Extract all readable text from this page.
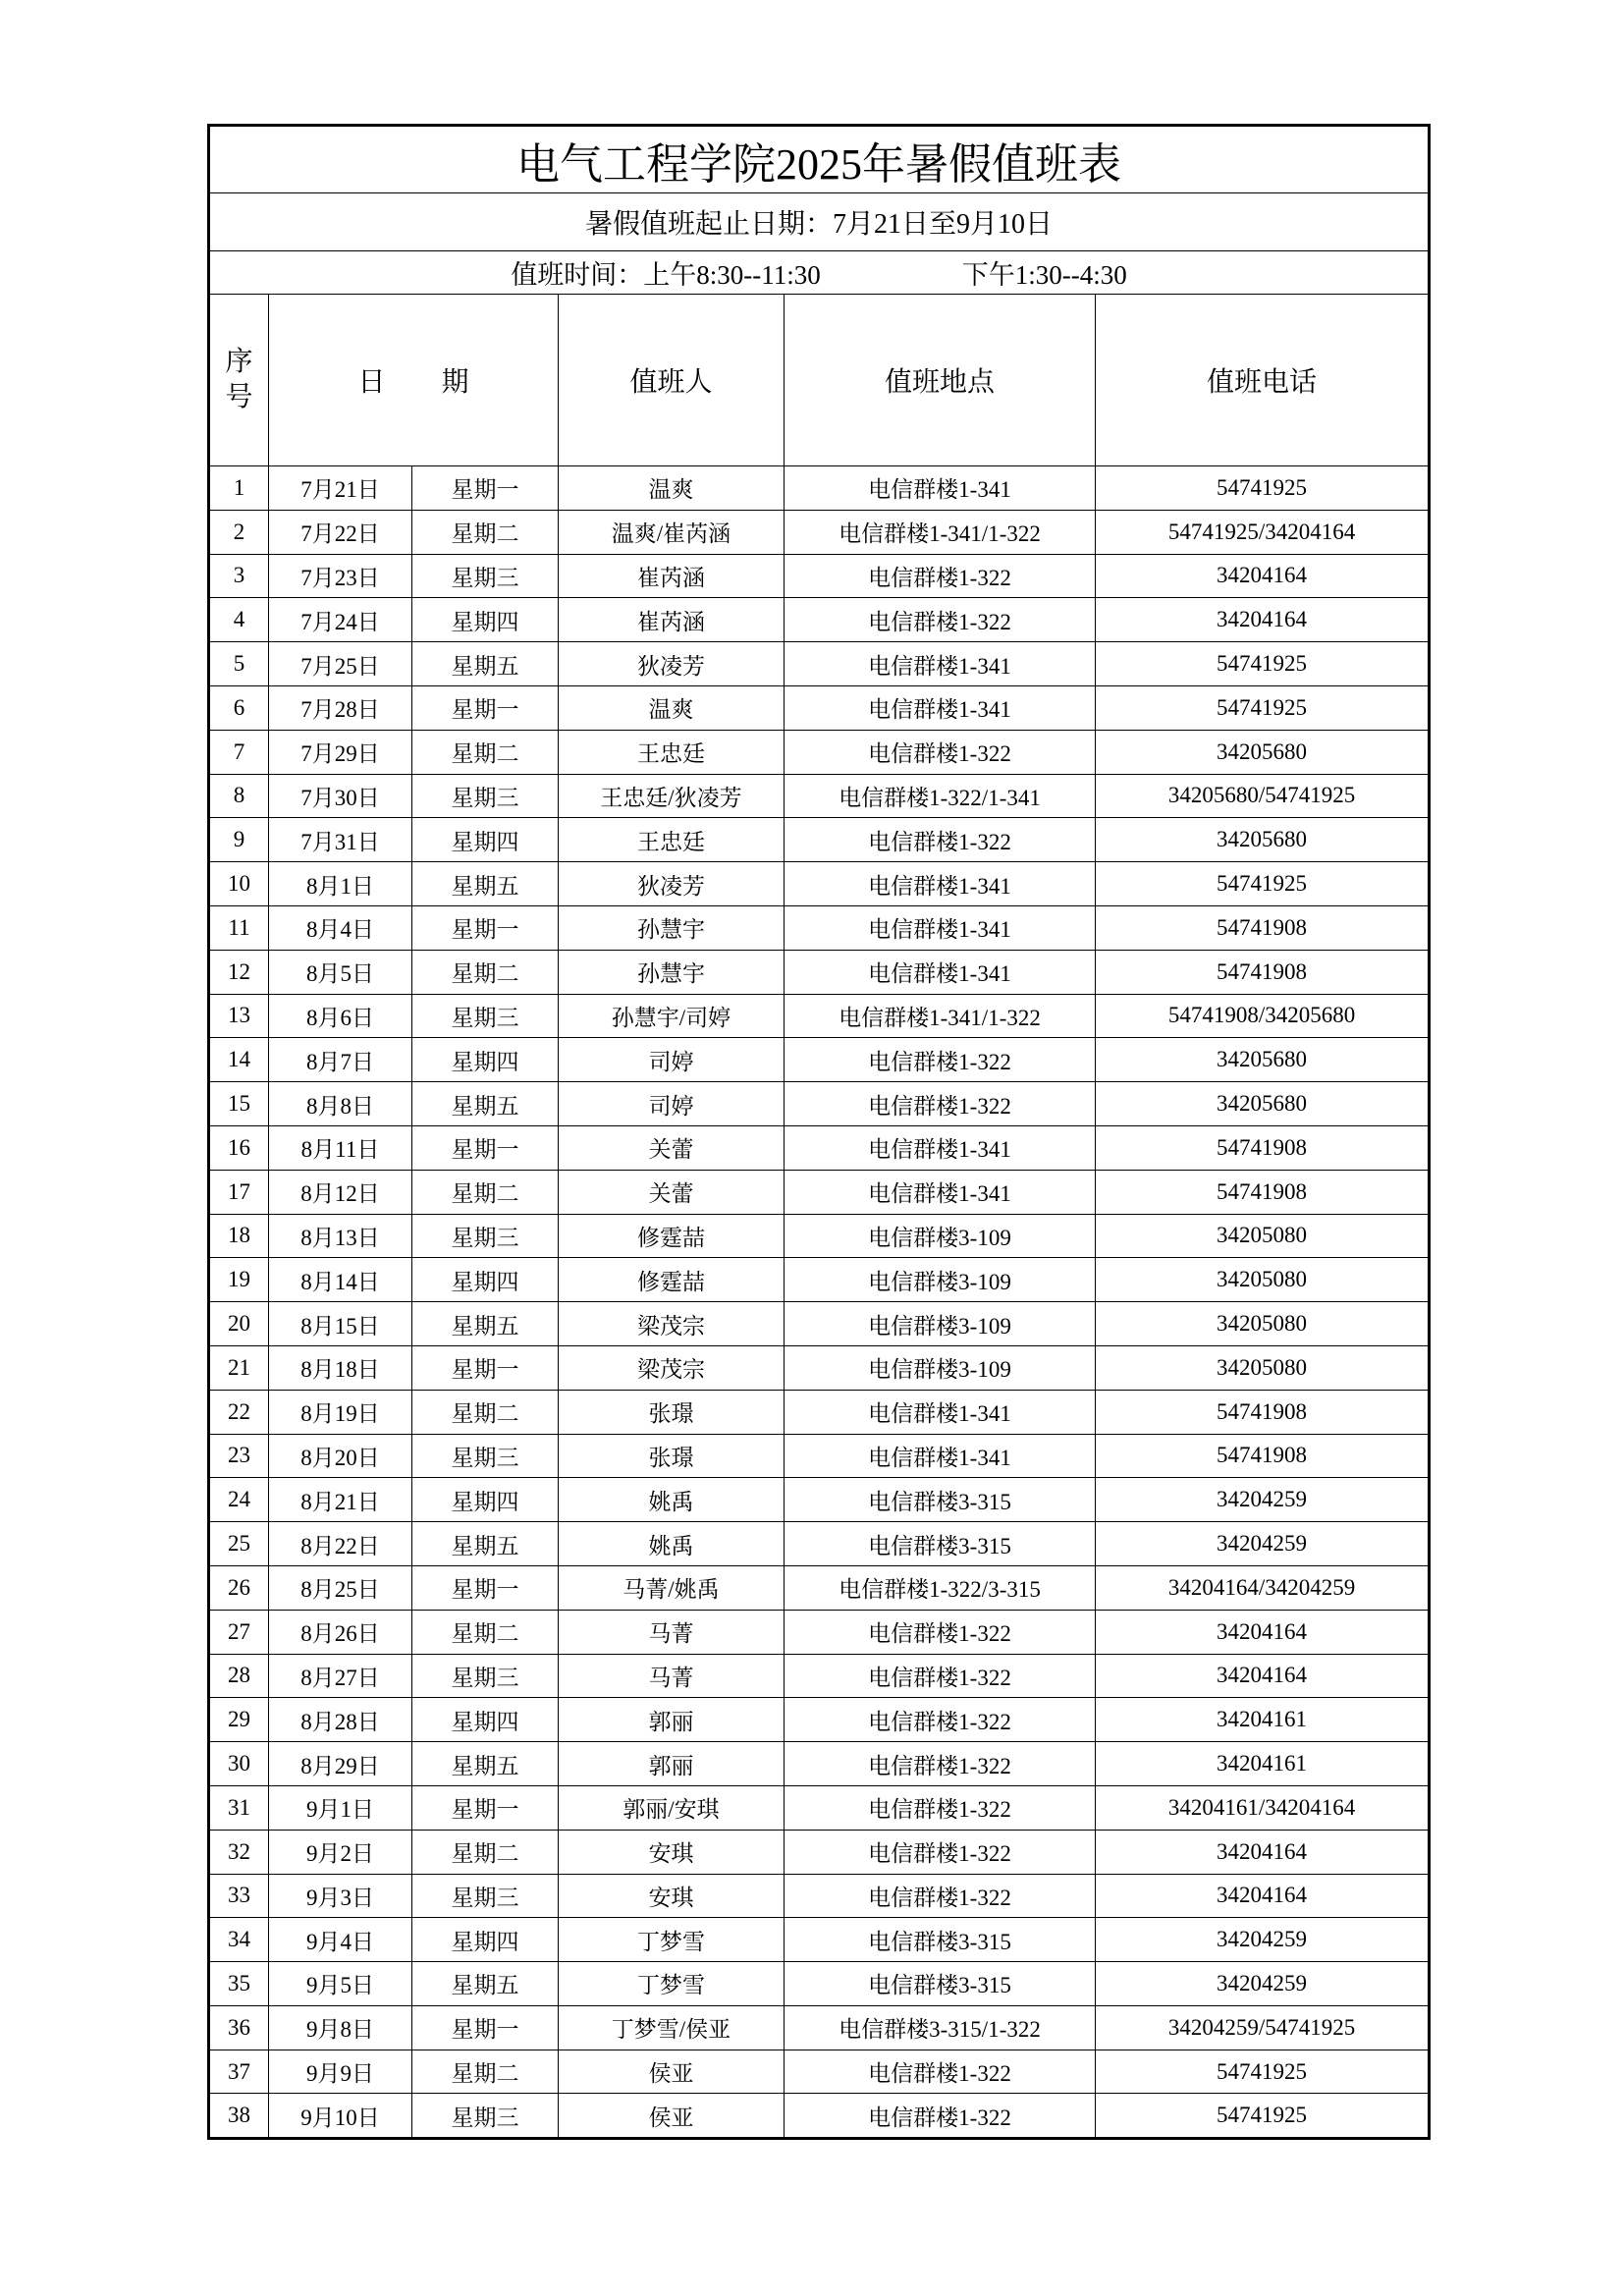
电气工程学院2025年暑假值班表					
暑假值班起止日期：7月21日至9月10日					
值班时间：上午8:30--11:30 下午1:30--4:30					
序号	日期		值班人	值班地点	值班电话
1	7月21日	星期一	温爽	电信群楼1-341	54741925
2	7月22日	星期二	温爽/崔芮涵	电信群楼1-341/1-322	54741925/34204164
3	7月23日	星期三	崔芮涵	电信群楼1-322	34204164
4	7月24日	星期四	崔芮涵	电信群楼1-322	34204164
5	7月25日	星期五	狄凌芳	电信群楼1-341	54741925
6	7月28日	星期一	温爽	电信群楼1-341	54741925
7	7月29日	星期二	王忠廷	电信群楼1-322	34205680
8	7月30日	星期三	王忠廷/狄凌芳	电信群楼1-322/1-341	34205680/54741925
9	7月31日	星期四	王忠廷	电信群楼1-322	34205680
10	8月1日	星期五	狄凌芳	电信群楼1-341	54741925
11	8月4日	星期一	孙慧宇	电信群楼1-341	54741908
12	8月5日	星期二	孙慧宇	电信群楼1-341	54741908
13	8月6日	星期三	孙慧宇/司婷	电信群楼1-341/1-322	54741908/34205680
14	8月7日	星期四	司婷	电信群楼1-322	34205680
15	8月8日	星期五	司婷	电信群楼1-322	34205680
16	8月11日	星期一	关蕾	电信群楼1-341	54741908
17	8月12日	星期二	关蕾	电信群楼1-341	54741908
18	8月13日	星期三	修霆喆	电信群楼3-109	34205080
19	8月14日	星期四	修霆喆	电信群楼3-109	34205080
20	8月15日	星期五	梁茂宗	电信群楼3-109	34205080
21	8月18日	星期一	梁茂宗	电信群楼3-109	34205080
22	8月19日	星期二	张璟	电信群楼1-341	54741908
23	8月20日	星期三	张璟	电信群楼1-341	54741908
24	8月21日	星期四	姚禹	电信群楼3-315	34204259
25	8月22日	星期五	姚禹	电信群楼3-315	34204259
26	8月25日	星期一	马菁/姚禹	电信群楼1-322/3-315	34204164/34204259
27	8月26日	星期二	马菁	电信群楼1-322	34204164
28	8月27日	星期三	马菁	电信群楼1-322	34204164
29	8月28日	星期四	郭丽	电信群楼1-322	34204161
30	8月29日	星期五	郭丽	电信群楼1-322	34204161
31	9月1日	星期一	郭丽/安琪	电信群楼1-322	34204161/34204164
32	9月2日	星期二	安琪	电信群楼1-322	34204164
33	9月3日	星期三	安琪	电信群楼1-322	34204164
34	9月4日	星期四	丁梦雪	电信群楼3-315	34204259
35	9月5日	星期五	丁梦雪	电信群楼3-315	34204259
36	9月8日	星期一	丁梦雪/侯亚	电信群楼3-315/1-322	34204259/54741925
37	9月9日	星期二	侯亚	电信群楼1-322	54741925
38	9月10日	星期三	侯亚	电信群楼1-322	54741925
